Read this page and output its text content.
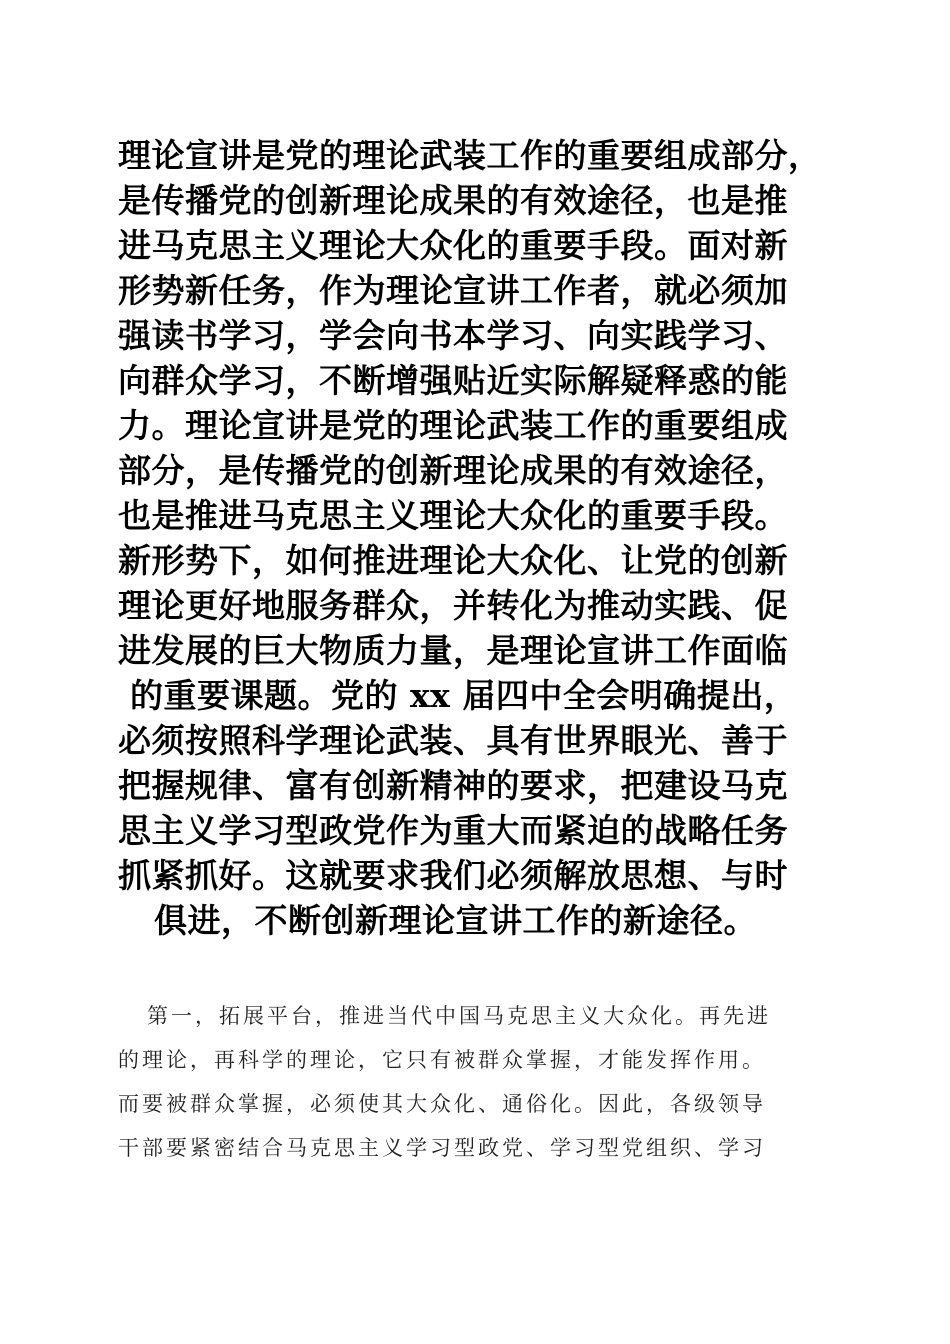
理论宣讲是党的理论武装工作的重要组成部分，
是传播党的创新理论成果的有效途径，也是推
进马克思主义理论大众化的重要手段。面对新
形势新任务，作为理论宣讲工作者，就必须加
强读书学习，学会向书本学习、向实践学习、
向群众学习，不断增强贴近实际解疑释惑的能
力。理论宣讲是党的理论武装工作的重要组成
部分，是传播党的创新理论成果的有效途径，
也是推进马克思主义理论大众化的重要手段。
新形势下，如何推进理论大众化、让党的创新
理论更好地服务群众，并转化为推动实践、促
进发展的巨大物质力量，是理论宣讲工作面临
的重要课题。党的 xx 届四中全会明确提出，
必须按照科学理论武装、具有世界眼光、善于
把握规律、富有创新精神的要求，把建设马克
思主义学习型政党作为重大而紧迫的战略任务
抓紧抓好。这就要求我们必须解放思想、与时
俱进，不断创新理论宣讲工作的新途径。
第一，拓展平台，推进当代中国马克思主义大众化。再先进
的理论，再科学的理论，它只有被群众掌握，才能发挥作用。
而要被群众掌握，必须使其大众化、通俗化。因此，各级领导
干部要紧密结合马克思主义学习型政党、学习型党组织、学习
